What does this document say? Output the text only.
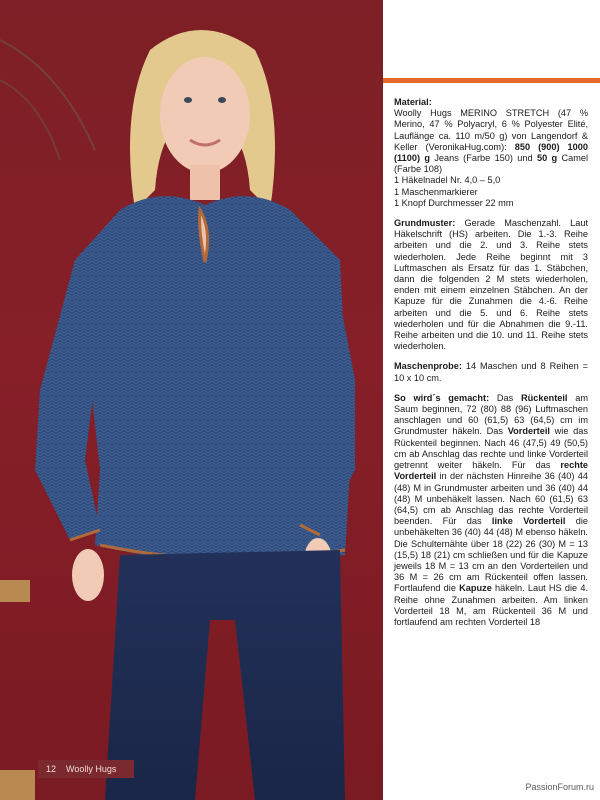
12 Woolly Hugs

Material:
Woolly Hugs MERINO STRETCH (47 % Merino, 47 % Polyacryl, 6 % Polyester Elité, Lauflänge ca. 110 m/50 g) von Langendorf & Keller (VeronikaHug.com): 850 (900) 1000 (1100) g Jeans (Farbe 150) und 50 g Camel (Farbe 108)
1 Häkelnadel Nr. 4,0 – 5,0
1 Maschenmarkierer
1 Knopf Durchmesser 22 mm

Grundmuster: Gerade Maschenzahl. Laut Häkelschrift (HS) arbeiten. Die 1.-3. Reihe arbeiten und die 2. und 3. Reihe stets wiederholen. Jede Reihe beginnt mit 3 Luftmaschen als Ersatz für das 1. Stäbchen, dann die folgenden 2 M stets wiederholen, enden mit einem einzelnen Stäbchen. An der Kapuze für die Zunahmen die 4.-6. Reihe arbeiten und die 5. und 6. Reihe stets wiederholen und für die Abnahmen die 9.-11. Reihe arbeiten und die 10. und 11. Reihe stets wiederholen.

Maschenprobe: 14 Maschen und 8 Reihen = 10 x 10 cm.

So wird´s gemacht: Das Rückenteil am Saum beginnen, 72 (80) 88 (96) Luftmaschen anschlagen und 60 (61,5) 63 (64,5) cm im Grundmuster häkeln. Das Vorderteil wie das Rückenteil beginnen. Nach 46 (47,5) 49 (50,5) cm ab Anschlag das rechte und linke Vorderteil getrennt weiter häkeln. Für das rechte Vorderteil in der nächsten Hinreihe 36 (40) 44 (48) M in Grundmuster arbeiten und 36 (40) 44 (48) M unbehäkelt lassen. Nach 60 (61,5) 63 (64,5) cm ab Anschlag das rechte Vorderteil beenden. Für das linke Vorderteil die unbehäkelten 36 (40) 44 (48) M ebenso häkeln. Die Schulternähte über 18 (22) 26 (30) M = 13 (15,5) 18 (21) cm schließen und für die Kapuze jeweils 18 M = 13 cm an den Vorderteilen und 36 M = 26 cm am Rückenteil offen lassen. Fortlaufend die Kapuze häkeln. Laut HS die 4. Reihe ohne Zunahmen arbeiten. Am linken Vorderteil 18 M, am Rückenteil 36 M und fortlaufend am rechten Vorderteil 18

PassionForum.ru
